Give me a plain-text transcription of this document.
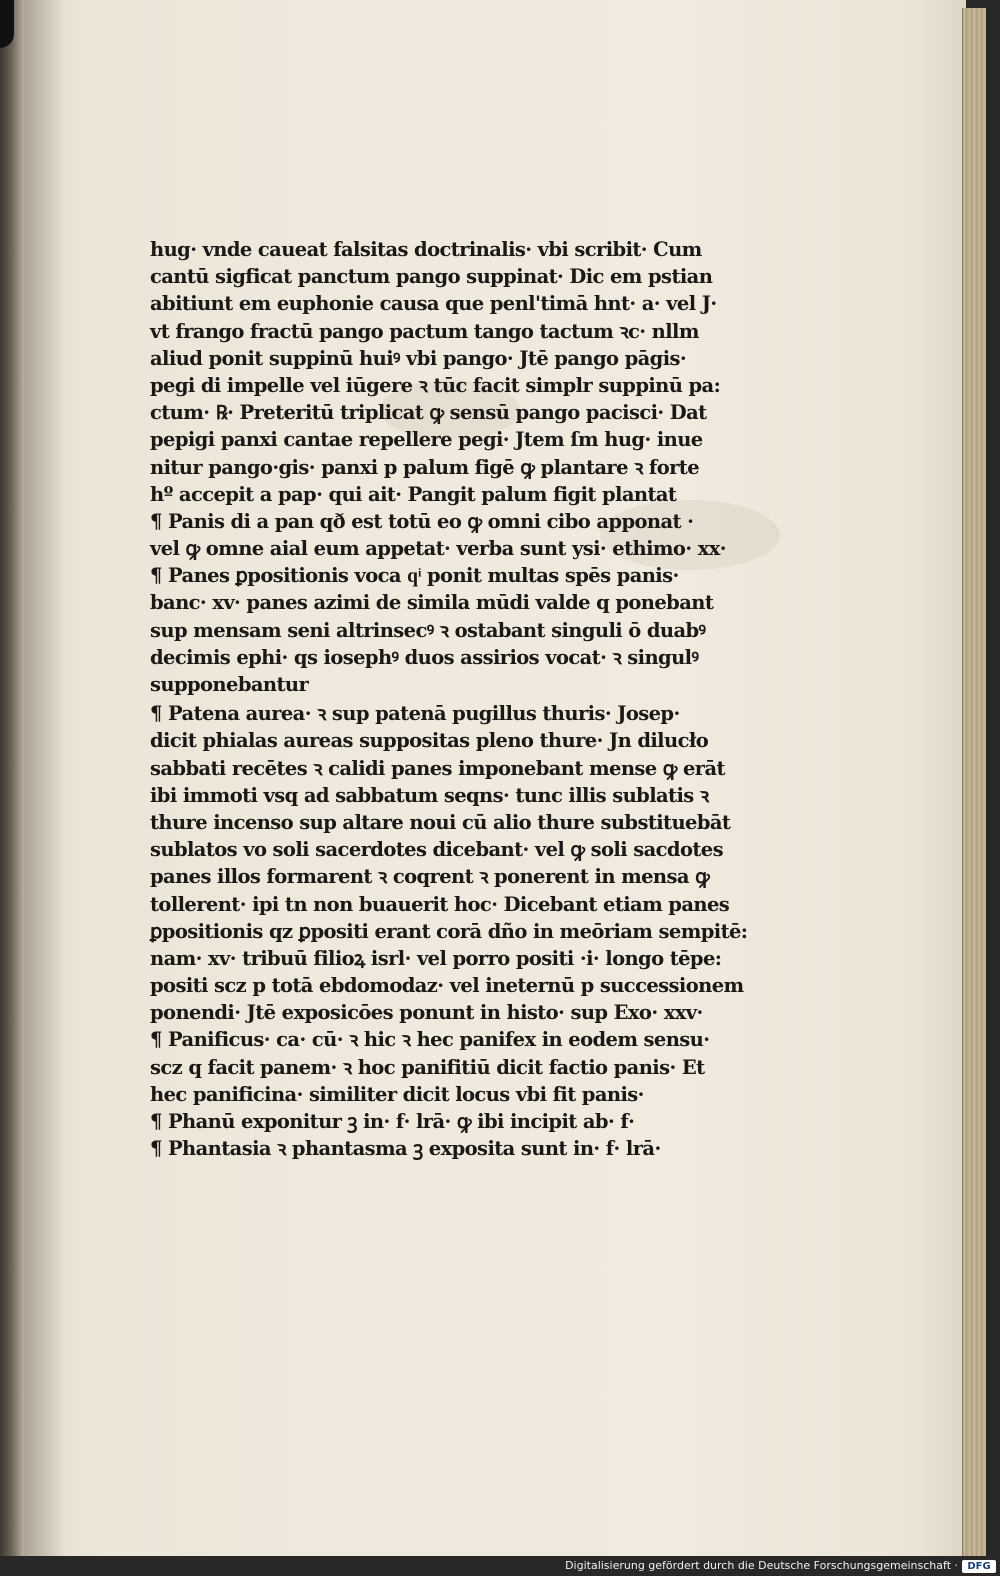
hug· vnde caueat falsitas doctrinalis· vbi scribit· Cum
cantū sigficat panctum pango suppinat· Dic em pstian
abitiunt em euphonie causa que penl'timā hnt· a· vel J·
vt frango fractū pango pactum tango tactum ꝛc· nllm
aliud ponit suppinū huiꝰ vbi pango· Jtē pango pāgis·
pegi di impelle vel iūgere ꝛ tūc facit simplr suppinū pa:
ctum· ℞· Preteritū triplicat ꝙ sensū pango pacisci· Dat
pepigi panxi cantae repellere pegi· Jtem ſm hug· inue
nitur pango·gis· panxi p palum figē ꝙ plantare ꝛ forte
hº accepit a pap· qui ait· Pangit palum figit plantat
¶ Panis di a pan qð est totū eo ꝙ omni cibo apponat ·
vel ꝙ omne aial eum appetat· verba sunt ysi· ethimo· xx·
¶ Panes ꝑpositionis voca qͥ ponit multas spēs panis·
banc· xv· panes azimi de simila mūdi valde q ponebant
sup mensam seni altrinsecꝰ ꝛ ostabant singuli ō duabꝰ
decimis ephi· qs iosephꝰ duos assirios vocat· ꝛ singulꝰ
supponebantur
¶ Patena aurea· ꝛ sup patenā pugillus thuris· Josep·
dicit phialas aureas suppositas pleno thure· Jn dilucło
sabbati recētes ꝛ calidi panes imponebant mense ꝙ erāt
ibi immoti vsq ad sabbatum seqns· tunc illis sublatis ꝛ
thure incenso sup altare noui cū alio thure substituebāt
sublatos vo soli sacerdotes dicebant· vel ꝙ soli sacdotes
panes illos formarent ꝛ coqrent ꝛ ponerent in mensa ꝙ
tollerent· ipi tn non buauerit hoc· Dicebant etiam panes
ꝑpositionis qz ꝑpositi erant corā dño in meōriam sempitē:
nam· xv· tribuū filioꝝ isrl· vel porro positi ·i· longo tēpe:
positi scz p totā ebdomodaz· vel ineternū p successionem
ponendi· Jtē exposicōes ponunt in histo· sup Exo· xxv·
¶ Panificus· ca· cū· ꝛ hic ꝛ hec panifex in eodem sensu·
scz q facit panem· ꝛ hoc panifitiū dicit factio panis· Et
hec panificina· similiter dicit locus vbi fit panis·
¶ Phanū exponitur ꝫ in· f· lrā· ꝙ ibi incipit ab· f·
¶ Phantasia ꝛ phantasma ꝫ exposita sunt in· f· lrā·
Digitalisierung gefördert durch die Deutsche Forschungsgemeinschaft · DFG
